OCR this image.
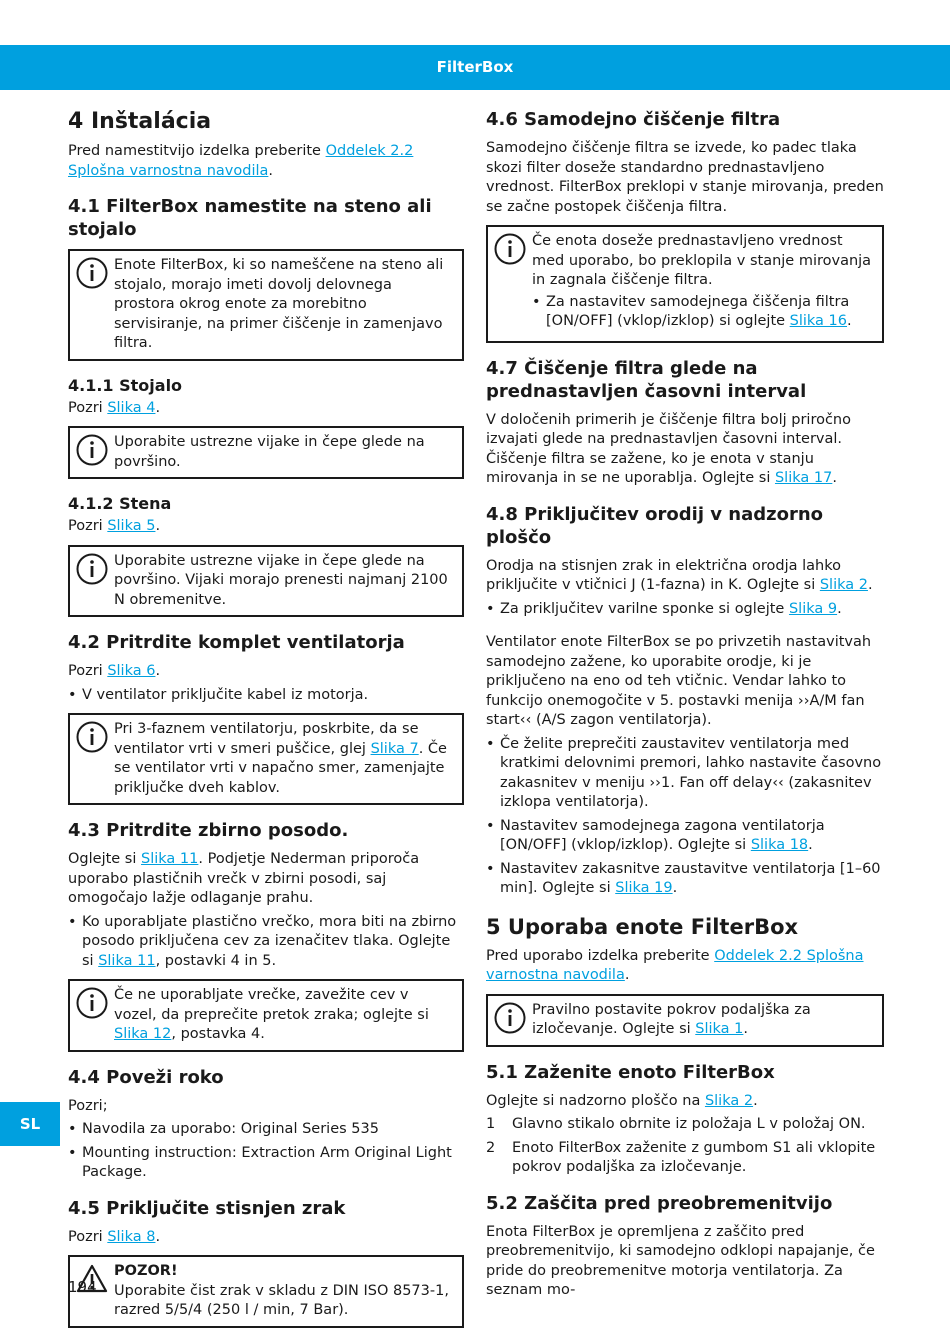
FilterBox
4 Inštalácia

Pred namestitvijo izdelka preberite Oddelek 2.2 Splošna varnostna navodila.

4.1 FilterBox namestite na steno ali stojalo

Enote FilterBox, ki so nameščene na steno ali stojalo, morajo imeti dovolj delovnega prostora okrog enote za morebitno servisiranje, na primer čiščenje in zamenjavo filtra.

4.1.1 Stojalo

Pozri Slika 4.

Uporabite ustrezne vijake in čepe glede na površino.

4.1.2 Stena

Pozri Slika 5.

Uporabite ustrezne vijake in čepe glede na površino. Vijaki morajo prenesti najmanj 2100 N obremenitve.

4.2 Pritrdite komplet ventilatorja

Pozri Slika 6.

• V ventilator priključite kabel iz motorja.

Pri 3-faznem ventilatorju, poskrbite, da se ventilator vrti v smeri puščice, glej Slika 7. Če se ventilator vrti v napačno smer, zamenjajte priključke dveh kablov.

4.3 Pritrdite zbirno posodo.

Oglejte si Slika 11. Podjetje Nederman priporoča uporabo plastičnih vrečk v zbirni posodi, saj omogočajo lažje odlaganje prahu.

• Ko uporabljate plastično vrečko, mora biti na zbirno posodo priključena cev za izenačitev tlaka. Oglejte si Slika 11, postavki 4 in 5.

Če ne uporabljate vrečke, zavežite cev v vozel, da preprečite pretok zraka; oglejte si Slika 12, postavka 4.

4.4 Poveži roko

Pozri;

• Navodila za uporabo: Original Series 535
• Mounting instruction: Extraction Arm Original Light Package.
4.5 Priključite stisnjen zrak

Pozri Slika 8.

POZOR!

Uporabite čist zrak v skladu z DIN ISO 8573-1, razred 5/5/4 (250 l / min, 7 Bar).

4.6 Samodejno čiščenje filtra

Samodejno čiščenje filtra se izvede, ko padec tlaka skozi filter doseže standardno prednastavljeno vrednost. FilterBox preklopi v stanje mirovanja, preden se začne postopek čiščenja filtra.

Če enota doseže prednastavljeno vrednost med uporabo, bo preklopila v stanje mirovanja in zagnala čiščenje filtra.

• Za nastavitev samodejnega čiščenja filtra [ON/OFF] (vklop/izklop) si oglejte Slika 16.
4.7 Čiščenje filtra glede na prednastavljen časovni interval

V določenih primerih je čiščenje filtra bolj priročno izvajati glede na prednastavljen časovni interval. Čiščenje filtra se zažene, ko je enota v stanju mirovanja in se ne uporablja. Oglejte si Slika 17.

4.8 Priključitev orodij v nadzorno ploščo

Orodja na stisnjen zrak in električna orodja lahko priključite v vtičnici J (1-fazna) in K. Oglejte si Slika 2.

• Za priključitev varilne sponke si oglejte Slika 9.

Ventilator enote FilterBox se po privzetih nastavitvah samodejno zažene, ko uporabite orodje, ki je priključeno na eno od teh vtičnic. Vendar lahko to funkcijo onemogočite v 5. postavki menija ››A/M fan start‹‹ (A/S zagon ventilatorja).

• Če želite preprečiti zaustavitev ventilatorja med kratkimi delovnimi premori, lahko nastavite časovno zakasnitev v meniju ››1. Fan off delay‹‹ (zakasnitev izklopa ventilatorja).
• Nastavitev samodejnega zagona ventilatorja [ON/OFF] (vklop/izklop). Oglejte si Slika 18.
• Nastavitev zakasnitve zaustavitve ventilatorja [1–60 min]. Oglejte si Slika 19.
5 Uporaba enote FilterBox

Pred uporabo izdelka preberite Oddelek 2.2 Splošna varnostna navodila.

Pravilno postavite pokrov podaljška za izločevanje. Oglejte si Slika 1.

5.1 Zaženite enoto FilterBox

Oglejte si nadzorno ploščo na Slika 2.

1 Glavno stikalo obrnite iz položaja L v položaj ON.
2 Enoto FilterBox zaženite z gumbom S1 ali vklopite pokrov podaljška za izločevanje.
5.2 Zaščita pred preobremenitvijo

Enota FilterBox je opremljena z zaščito pred preobremenitvijo, ki samodejno odklopi napajanje, če pride do preobremenitve motorja ventilatorja. Za seznam mo-

SL
194
